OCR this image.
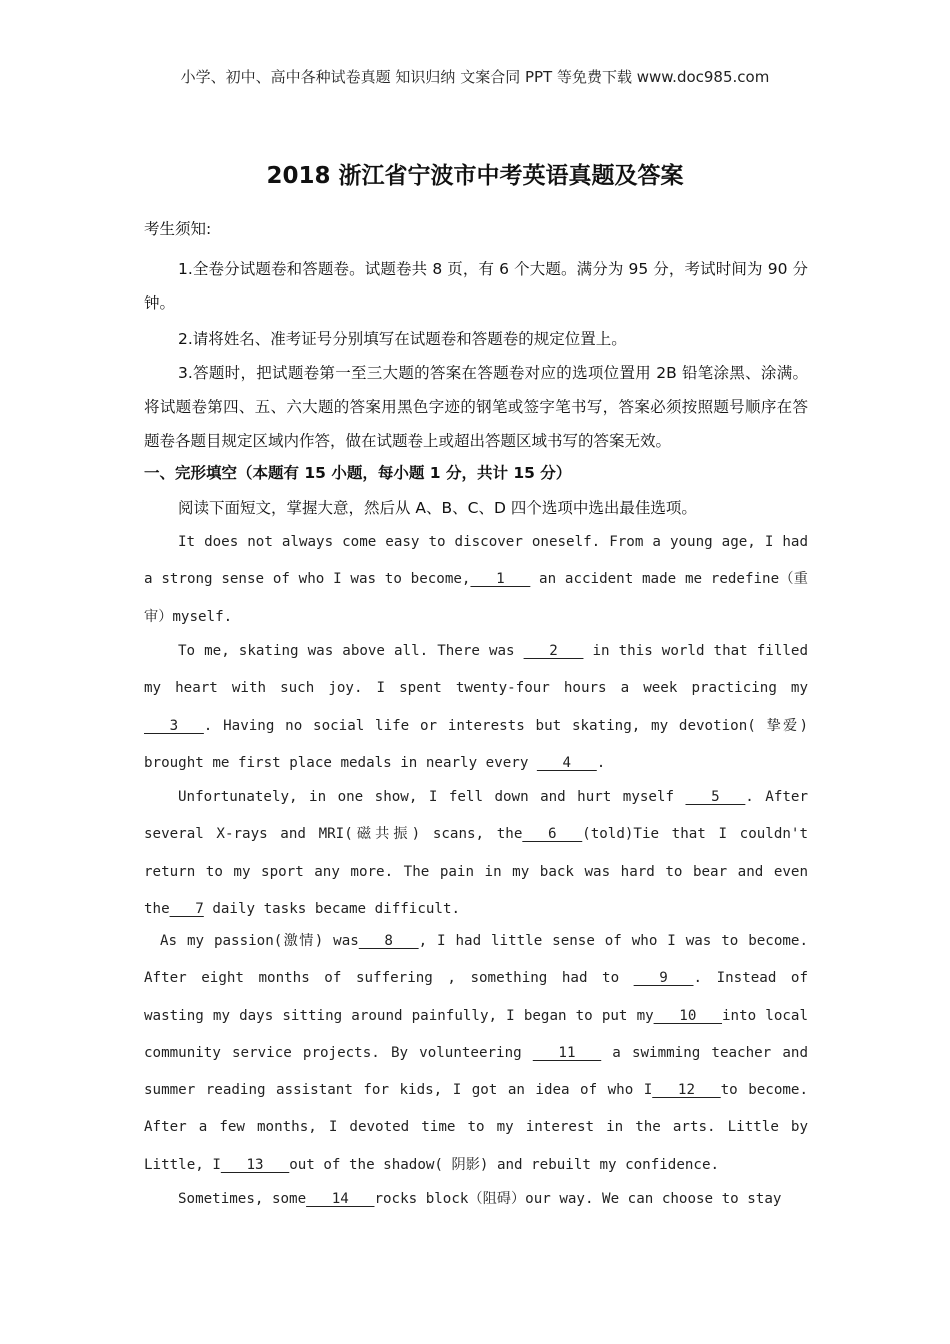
小学、初中、高中各种试卷真题 知识归纳 文案合同 PPT 等免费下载 www.doc985.com
2018 浙江省宁波市中考英语真题及答案
考生须知:
1.全卷分试题卷和答题卷。试题卷共 8 页，有 6 个大题。满分为 95 分，考试时间为 90 分钟。
2.请将姓名、准考证号分别填写在试题卷和答题卷的规定位置上。
3.答题时，把试题卷第一至三大题的答案在答题卷对应的选项位置用 2B 铅笔涂黑、涂满。 将试题卷第四、五、六大题的答案用黑色字迹的钢笔或签字笔书写，答案必须按照题号顺序在答题卷各题目规定区域内作答，做在试题卷上或超出答题区域书写的答案无效。
一、完形填空（本题有 15 小题，每小题 1 分，共计 15 分）
阅读下面短文，掌握大意，然后从 A、B、C、D 四个选项中选出最佳选项。
It does not always come easy to discover oneself. From a young age, I had a strong sense of who I was to become,___1___ an accident made me redefine（重审）myself.
To me, skating was above all. There was ___2___ in this world that filled my heart with such joy. I spent twenty-four hours a week practicing my ___3___. Having no social life or interests but skating, my devotion( 挚爱) brought me first place medals in nearly every ___4___.
Unfortunately, in one show, I fell down and hurt myself ___5___. After several X-rays and MRI(磁共振) scans, the___6___(told)Tie that I couldn't return to my sport any more. The pain in my back was hard to bear and even the___7 daily tasks became difficult.
As my passion(激情) was___8___, I had little sense of who I was to become. After eight months of suffering , something had to ___9___. Instead of wasting my days sitting around painfully, I began to put my___10___into local community service projects. By volunteering ___11___ a swimming teacher and summer reading assistant for kids, I got an idea of who I___12___to become. After a few months, I devoted time to my interest in the arts. Little by Little, I___13___out of the shadow( 阴影) and rebuilt my confidence.
Sometimes, some___14___rocks block（阻碍）our way. We can choose to stay
